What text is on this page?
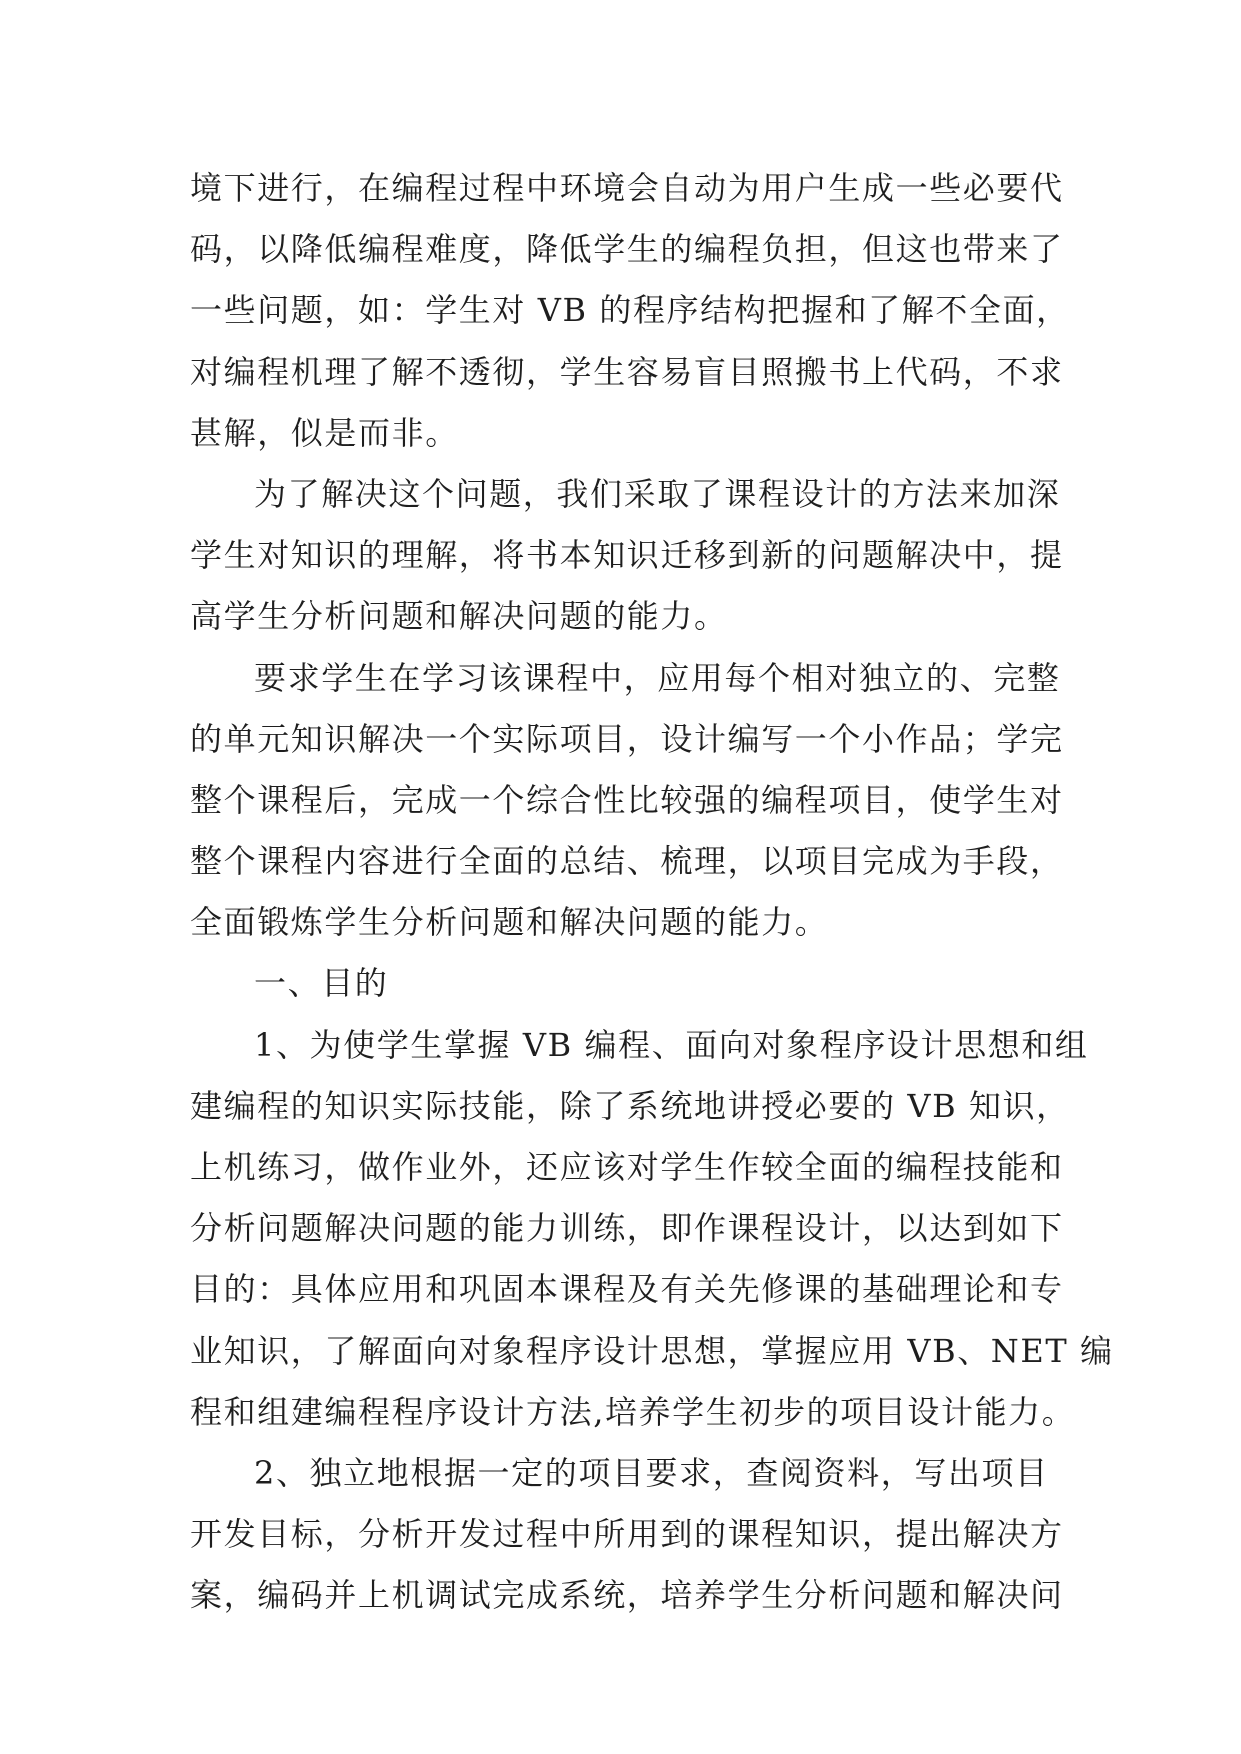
境下进行，在编程过程中环境会自动为用户生成一些必要代
码，以降低编程难度，降低学生的编程负担，但这也带来了
一些问题，如：学生对 VB 的程序结构把握和了解不全面，
对编程机理了解不透彻，学生容易盲目照搬书上代码，不求
甚解，似是而非。
为了解决这个问题，我们采取了课程设计的方法来加深
学生对知识的理解，将书本知识迁移到新的问题解决中，提
高学生分析问题和解决问题的能力。
要求学生在学习该课程中，应用每个相对独立的、完整
的单元知识解决一个实际项目，设计编写一个小作品；学完
整个课程后，完成一个综合性比较强的编程项目，使学生对
整个课程内容进行全面的总结、梳理，以项目完成为手段，
全面锻炼学生分析问题和解决问题的能力。
一、目的
1、为使学生掌握 VB 编程、面向对象程序设计思想和组
建编程的知识实际技能，除了系统地讲授必要的 VB 知识，
上机练习，做作业外，还应该对学生作较全面的编程技能和
分析问题解决问题的能力训练，即作课程设计，以达到如下
目的：具体应用和巩固本课程及有关先修课的基础理论和专
业知识，了解面向对象程序设计思想，掌握应用 VB、NET 编
程和组建编程程序设计方法,培养学生初步的项目设计能力。
2、独立地根据一定的项目要求，查阅资料，写出项目
开发目标，分析开发过程中所用到的课程知识，提出解决方
案，编码并上机调试完成系统，培养学生分析问题和解决问
